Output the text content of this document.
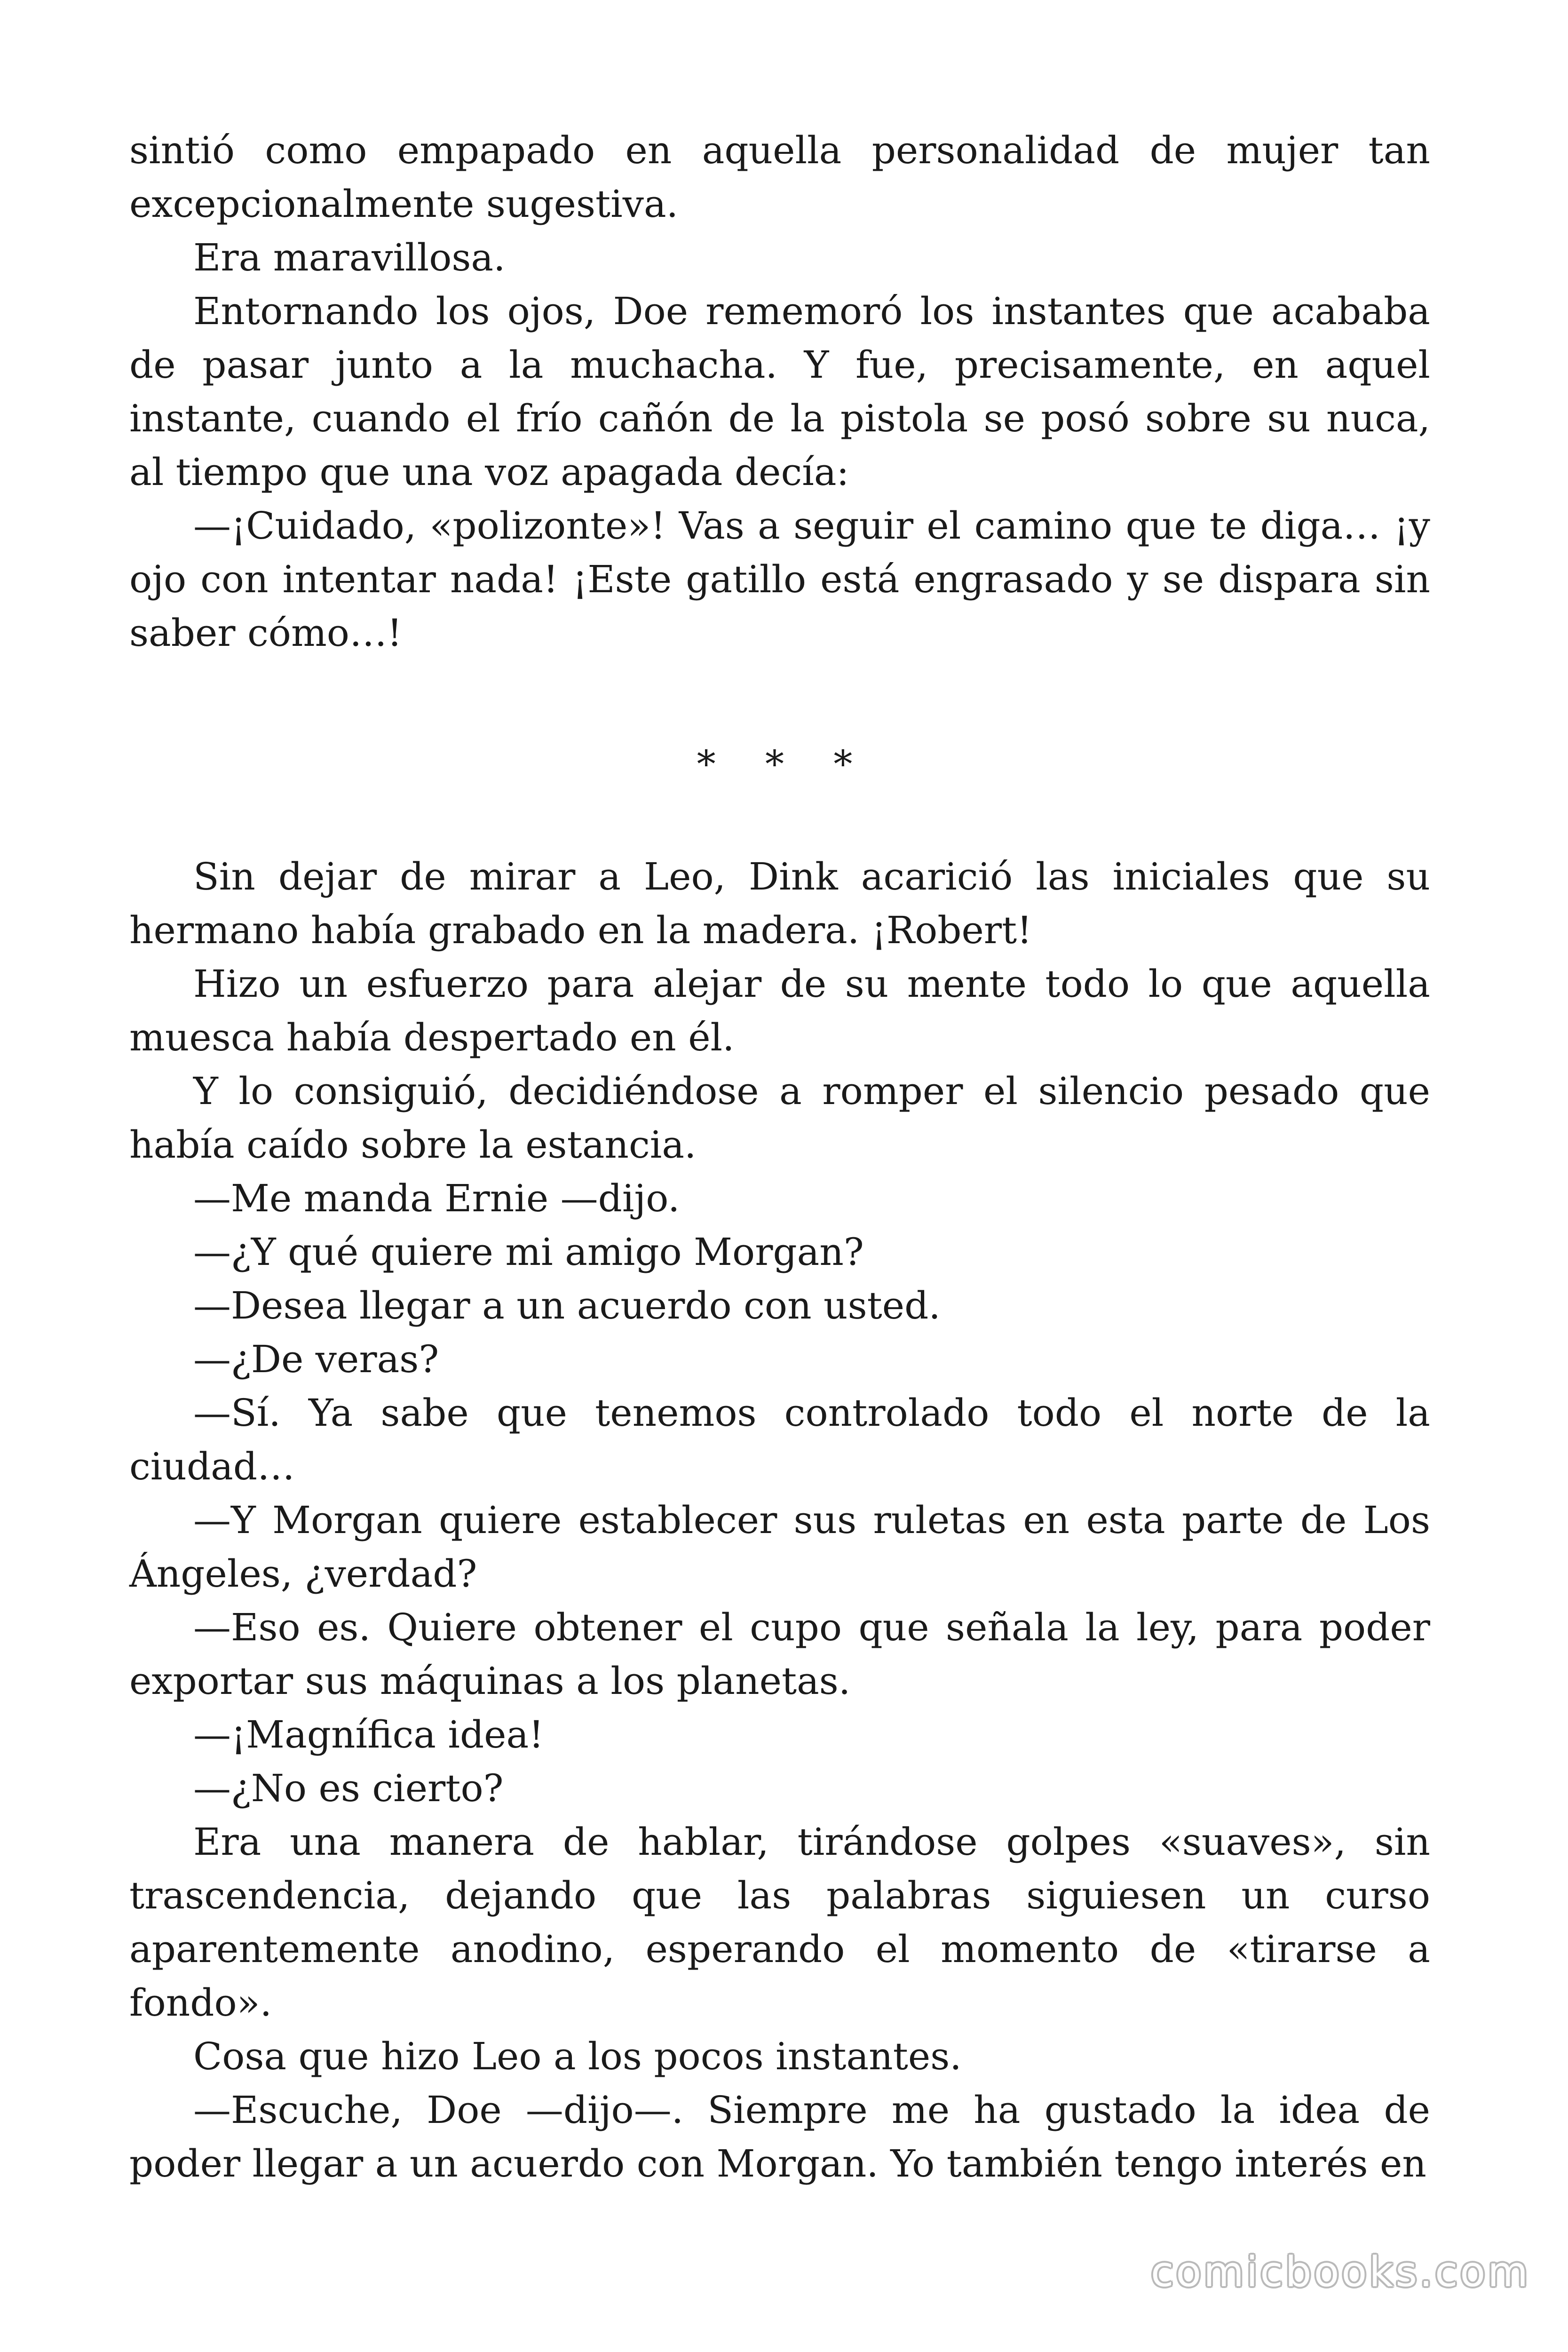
sintió como empapado en aquella personalidad de mujer tan excepcionalmente sugestiva.

Era maravillosa.

Entornando los ojos, Doe rememoró los instantes que acababa de pasar junto a la muchacha. Y fue, precisamente, en aquel instante, cuando el frío cañón de la pistola se posó sobre su nuca, al tiempo que una voz apagada decía:

—¡Cuidado, «polizonte»! Vas a seguir el camino que te diga… ¡y ojo con intentar nada! ¡Este gatillo está engrasado y se dispara sin saber cómo…!

* * *

Sin dejar de mirar a Leo, Dink acarició las iniciales que su hermano había grabado en la madera. ¡Robert!

Hizo un esfuerzo para alejar de su mente todo lo que aquella muesca había despertado en él.

Y lo consiguió, decidiéndose a romper el silencio pesado que había caído sobre la estancia.

—Me manda Ernie —dijo.

—¿Y qué quiere mi amigo Morgan?

—Desea llegar a un acuerdo con usted.

—¿De veras?

—Sí. Ya sabe que tenemos controlado todo el norte de la ciudad…

—Y Morgan quiere establecer sus ruletas en esta parte de Los Ángeles, ¿verdad?

—Eso es. Quiere obtener el cupo que señala la ley, para poder exportar sus máquinas a los planetas.

—¡Magnífica idea!

—¿No es cierto?

Era una manera de hablar, tirándose golpes «suaves», sin trascendencia, dejando que las palabras siguiesen un curso aparentemente anodino, esperando el momento de «tirarse a fondo».

Cosa que hizo Leo a los pocos instantes.

—Escuche, Doe —dijo—. Siempre me ha gustado la idea de poder llegar a un acuerdo con Morgan. Yo también tengo interés en

comicbooks.com
